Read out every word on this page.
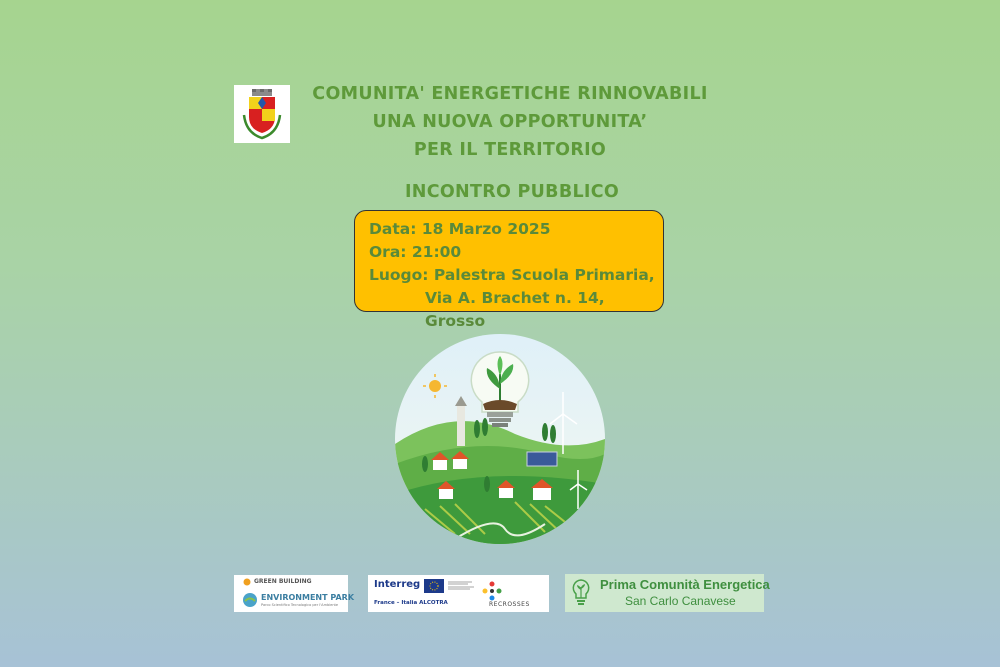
COMUNITA' ENERGETICHE RINNOVABILI
UNA NUOVA OPPORTUNITA’
PER IL TERRITORIO
INCONTRO PUBBLICO
Data: 18 Marzo 2025
Ora: 21:00
Luogo: Palestra Scuola Primaria,
Via A. Brachet n. 14, Grosso
GREEN BUILDING
ENVIRONMENT PARK
Parco Scientifico Tecnologico per l'Ambiente
Interreg
France – Italia ALCOTRA	RECROSSES
Prima Comunità Energetica
San Carlo Canavese
